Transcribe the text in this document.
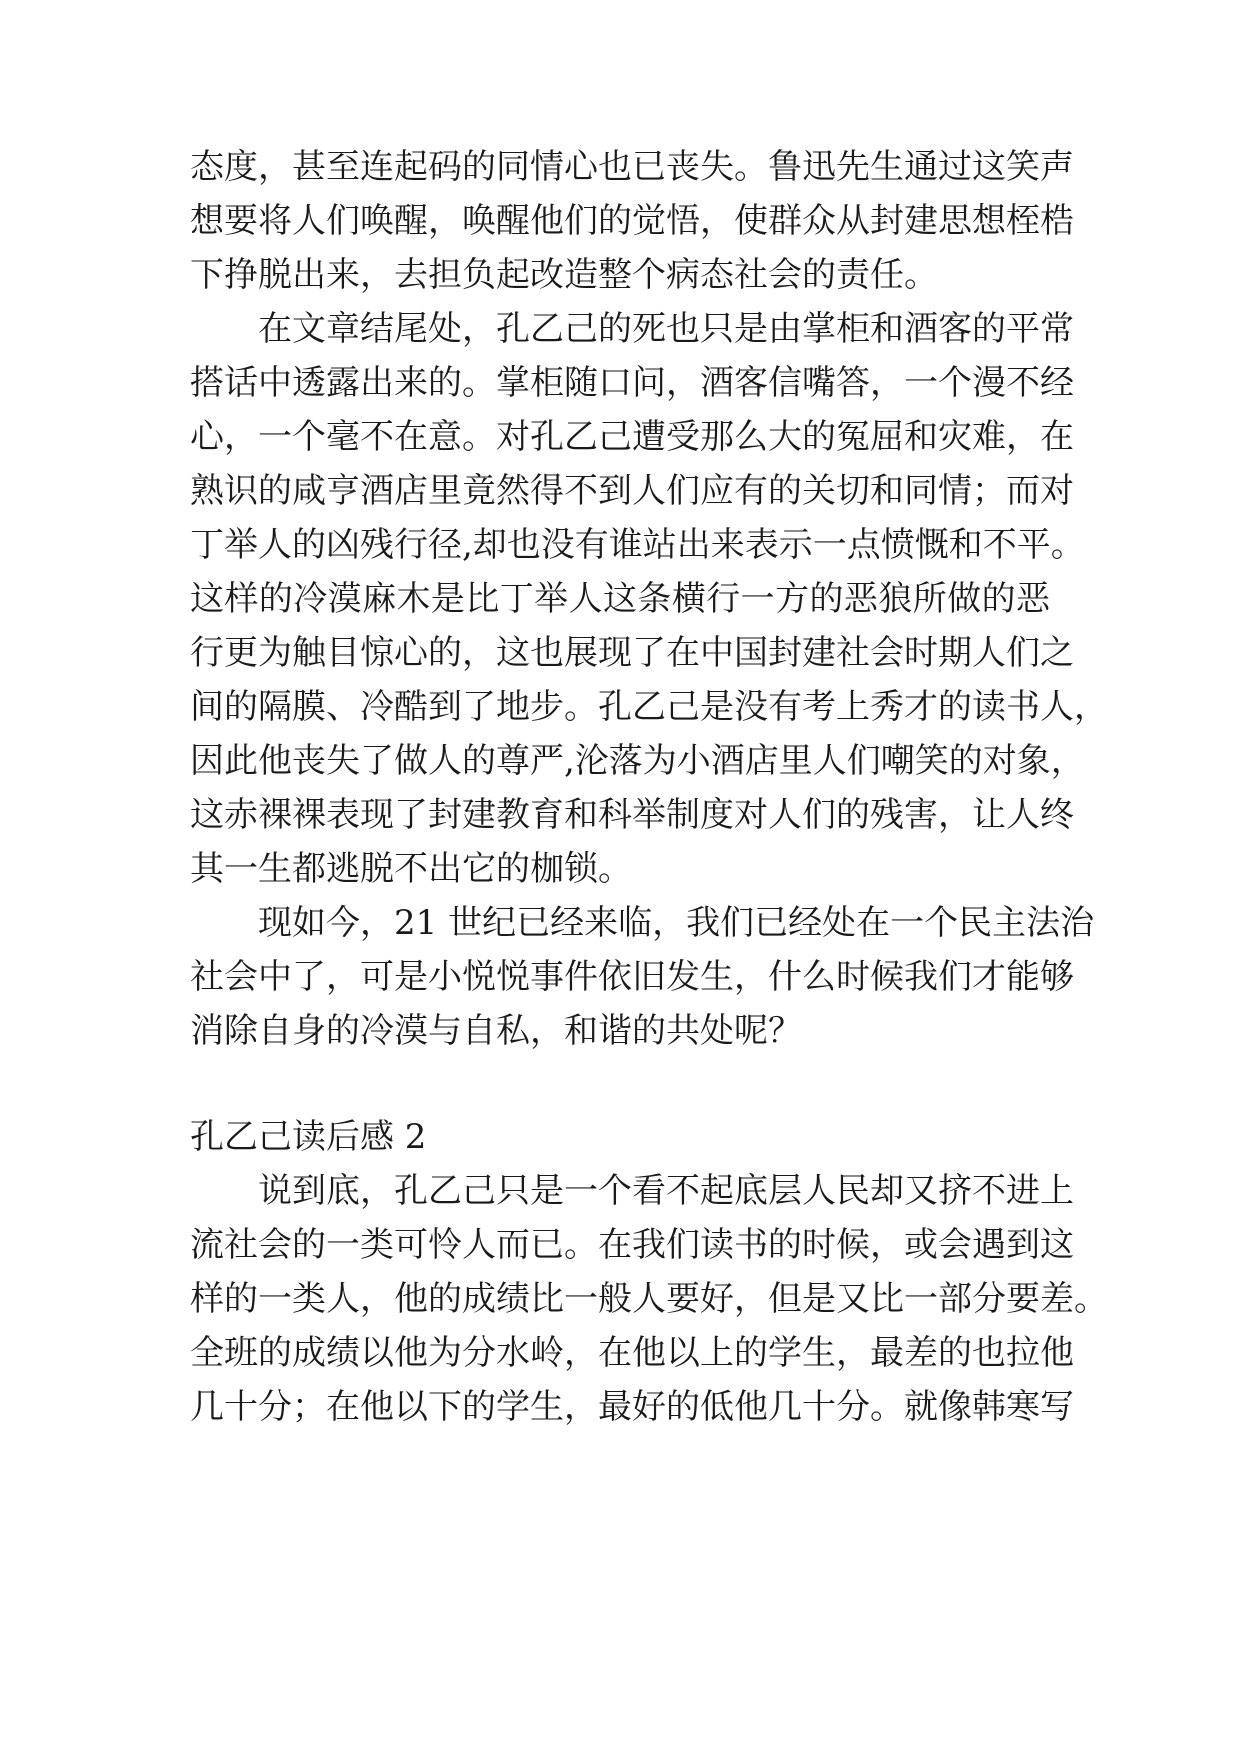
态度，甚至连起码的同情心也已丧失。鲁迅先生通过这笑声
想要将人们唤醒，唤醒他们的觉悟，使群众从封建思想桎梏
下挣脱出来，去担负起改造整个病态社会的责任。
在文章结尾处，孔乙己的死也只是由掌柜和酒客的平常
搭话中透露出来的。掌柜随口问，酒客信嘴答，一个漫不经
心，一个毫不在意。对孔乙己遭受那么大的冤屈和灾难，在
熟识的咸亨酒店里竟然得不到人们应有的关切和同情；而对
丁举人的凶残行径,却也没有谁站出来表示一点愤慨和不平。
这样的冷漠麻木是比丁举人这条横行一方的恶狼所做的恶
行更为触目惊心的，这也展现了在中国封建社会时期人们之
间的隔膜、冷酷到了地步。孔乙己是没有考上秀才的读书人，
因此他丧失了做人的尊严,沦落为小酒店里人们嘲笑的对象，
这赤裸裸表现了封建教育和科举制度对人们的残害，让人终
其一生都逃脱不出它的枷锁。
现如今，21 世纪已经来临，我们已经处在一个民主法治
社会中了，可是小悦悦事件依旧发生，什么时候我们才能够
消除自身的冷漠与自私，和谐的共处呢？
孔乙己读后感 2
说到底，孔乙己只是一个看不起底层人民却又挤不进上
流社会的一类可怜人而已。在我们读书的时候，或会遇到这
样的一类人，他的成绩比一般人要好，但是又比一部分要差。
全班的成绩以他为分水岭，在他以上的学生，最差的也拉他
几十分；在他以下的学生，最好的低他几十分。就像韩寒写
